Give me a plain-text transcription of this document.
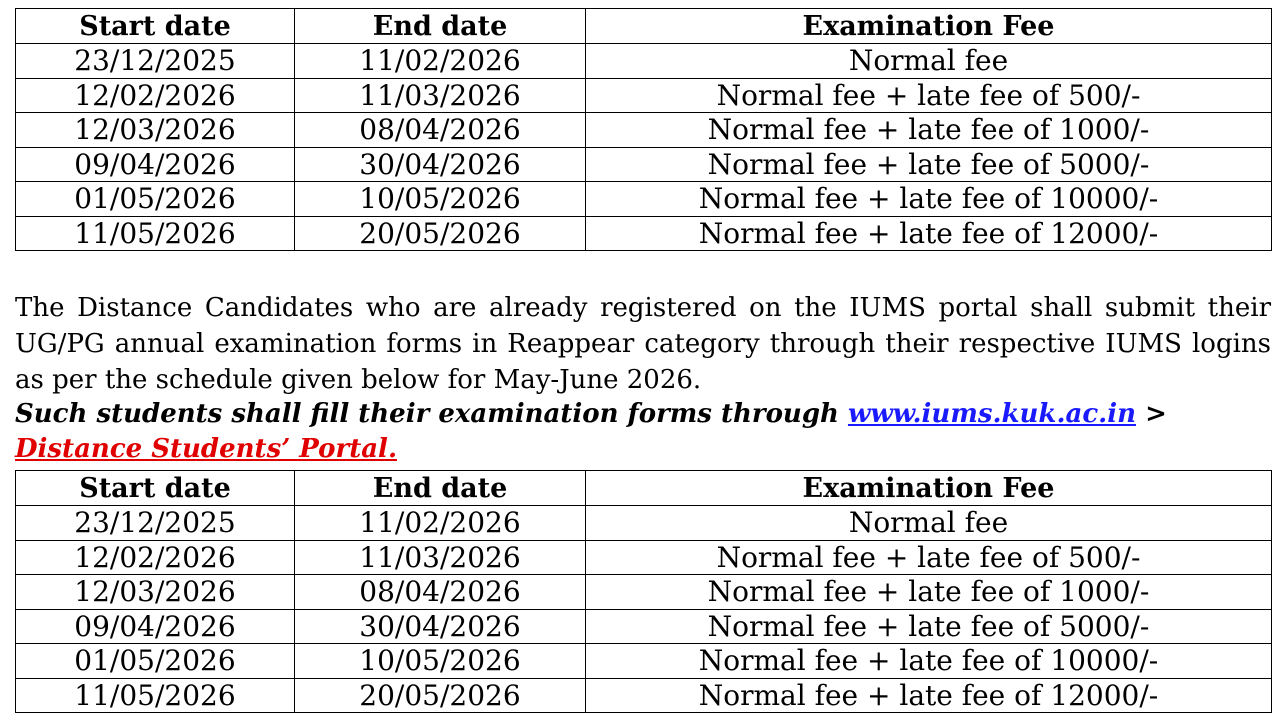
Start date	End date	Examination Fee
23/12/2025	11/02/2026	Normal fee
12/02/2026	11/03/2026	Normal fee + late fee of 500/-
12/03/2026	08/04/2026	Normal fee + late fee of 1000/-
09/04/2026	30/04/2026	Normal fee + late fee of 5000/-
01/05/2026	10/05/2026	Normal fee + late fee of 10000/-
11/05/2026	20/05/2026	Normal fee + late fee of 12000/-

The Distance Candidates who are already registered on the IUMS portal shall submit their UG/PG annual examination forms in Reappear category through their respective IUMS logins as per the schedule given below for May-June 2026.

Such students shall fill their examination forms through www.iums.kuk.ac.in > Distance Students’ Portal.

Start date	End date	Examination Fee
23/12/2025	11/02/2026	Normal fee
12/02/2026	11/03/2026	Normal fee + late fee of 500/-
12/03/2026	08/04/2026	Normal fee + late fee of 1000/-
09/04/2026	30/04/2026	Normal fee + late fee of 5000/-
01/05/2026	10/05/2026	Normal fee + late fee of 10000/-
11/05/2026	20/05/2026	Normal fee + late fee of 12000/-
